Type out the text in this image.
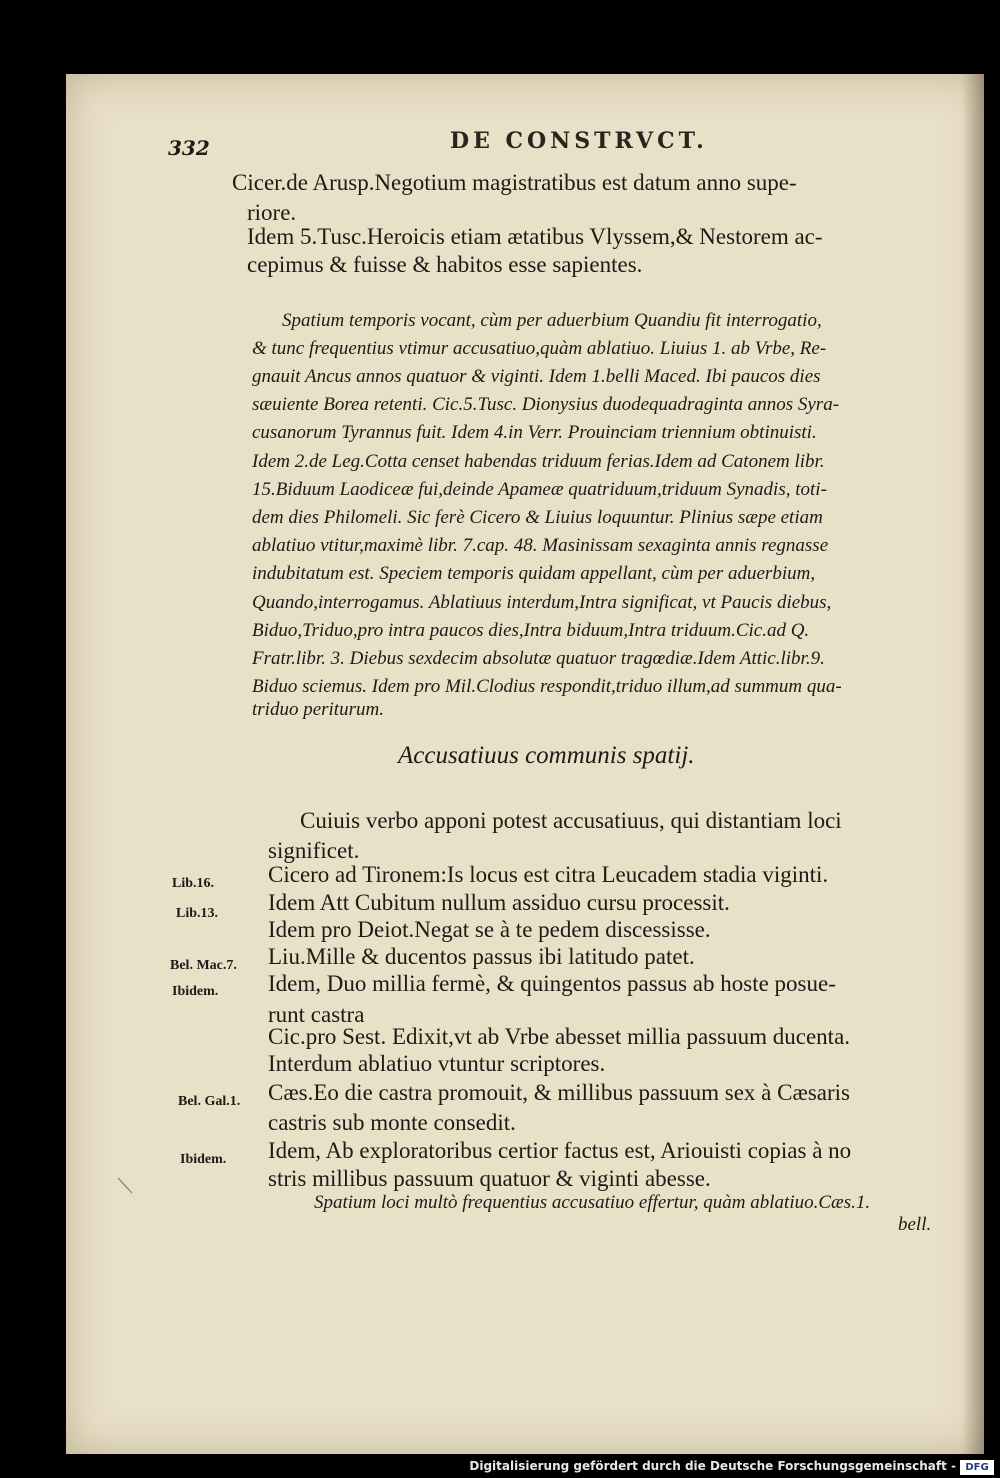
332	DE CONSTRVCT.
Cicer.de Arusp.Negotium magistratibus est datum anno supe-
riore.
Idem 5.Tusc.Heroicis etiam ætatibus Vlyssem,& Nestorem ac-
cepimus & fuisse & habitos esse sapientes.
Spatium temporis vocant, cùm per aduerbium Quandiu fit interrogatio,
& tunc frequentius vtimur accusatiuo,quàm ablatiuo. Liuius 1. ab Vrbe, Re-
gnauit Ancus annos quatuor & viginti. Idem 1.belli Maced. Ibi paucos dies
sæuiente Borea retenti. Cic.5.Tusc. Dionysius duodequadraginta annos Syra-
cusanorum Tyrannus fuit. Idem 4.in Verr. Prouinciam triennium obtinuisti.
Idem 2.de Leg.Cotta censet habendas triduum ferias.Idem ad Catonem libr.
15.Biduum Laodiceæ fui,deinde Apameæ quatriduum,triduum Synadis, toti-
dem dies Philomeli. Sic ferè Cicero & Liuius loquuntur. Plinius sæpe etiam
ablatiuo vtitur,maximè libr. 7.cap. 48. Masinissam sexaginta annis regnasse
indubitatum est. Speciem temporis quidam appellant, cùm per aduerbium,
Quando,interrogamus. Ablatiuus interdum,Intra significat, vt Paucis diebus,
Biduo,Triduo,pro intra paucos dies,Intra biduum,Intra triduum.Cic.ad Q.
Fratr.libr. 3. Diebus sexdecim absolutæ quatuor tragœdiæ.Idem Attic.libr.9.
Biduo sciemus. Idem pro Mil.Clodius respondit,triduo illum,ad summum qua-
triduo periturum.
Accusatiuus communis spatij.
Cuiuis verbo apponi potest accusatiuus, qui distantiam loci
significet.
Cicero ad Tironem:Is locus est citra Leucadem stadia viginti.
Idem Att Cubitum nullum assiduo cursu processit.
Idem pro Deiot.Negat se à te pedem discessisse.
Liu.Mille & ducentos passus ibi latitudo patet.
Idem, Duo millia fermè, & quingentos passus ab hoste posue-
runt castra
Cic.pro Sest. Edixit,vt ab Vrbe abesset millia passuum ducenta.
Interdum ablatiuo vtuntur scriptores.
Cæs.Eo die castra promouit, & millibus passuum sex à Cæsaris
castris sub monte consedit.
Idem, Ab exploratoribus certior factus est, Ariouisti copias à no
stris millibus passuum quatuor & viginti abesse.
Spatium loci multò frequentius accusatiuo effertur, quàm ablatiuo.Cæs.1.
bell.
Lib.16.
Lib.13.
Bel. Mac.7.
Ibidem.
Bel. Gal.1.
Ibidem.
Digitalisierung gefördert durch die Deutsche Forschungsgemeinschaft - DFG
